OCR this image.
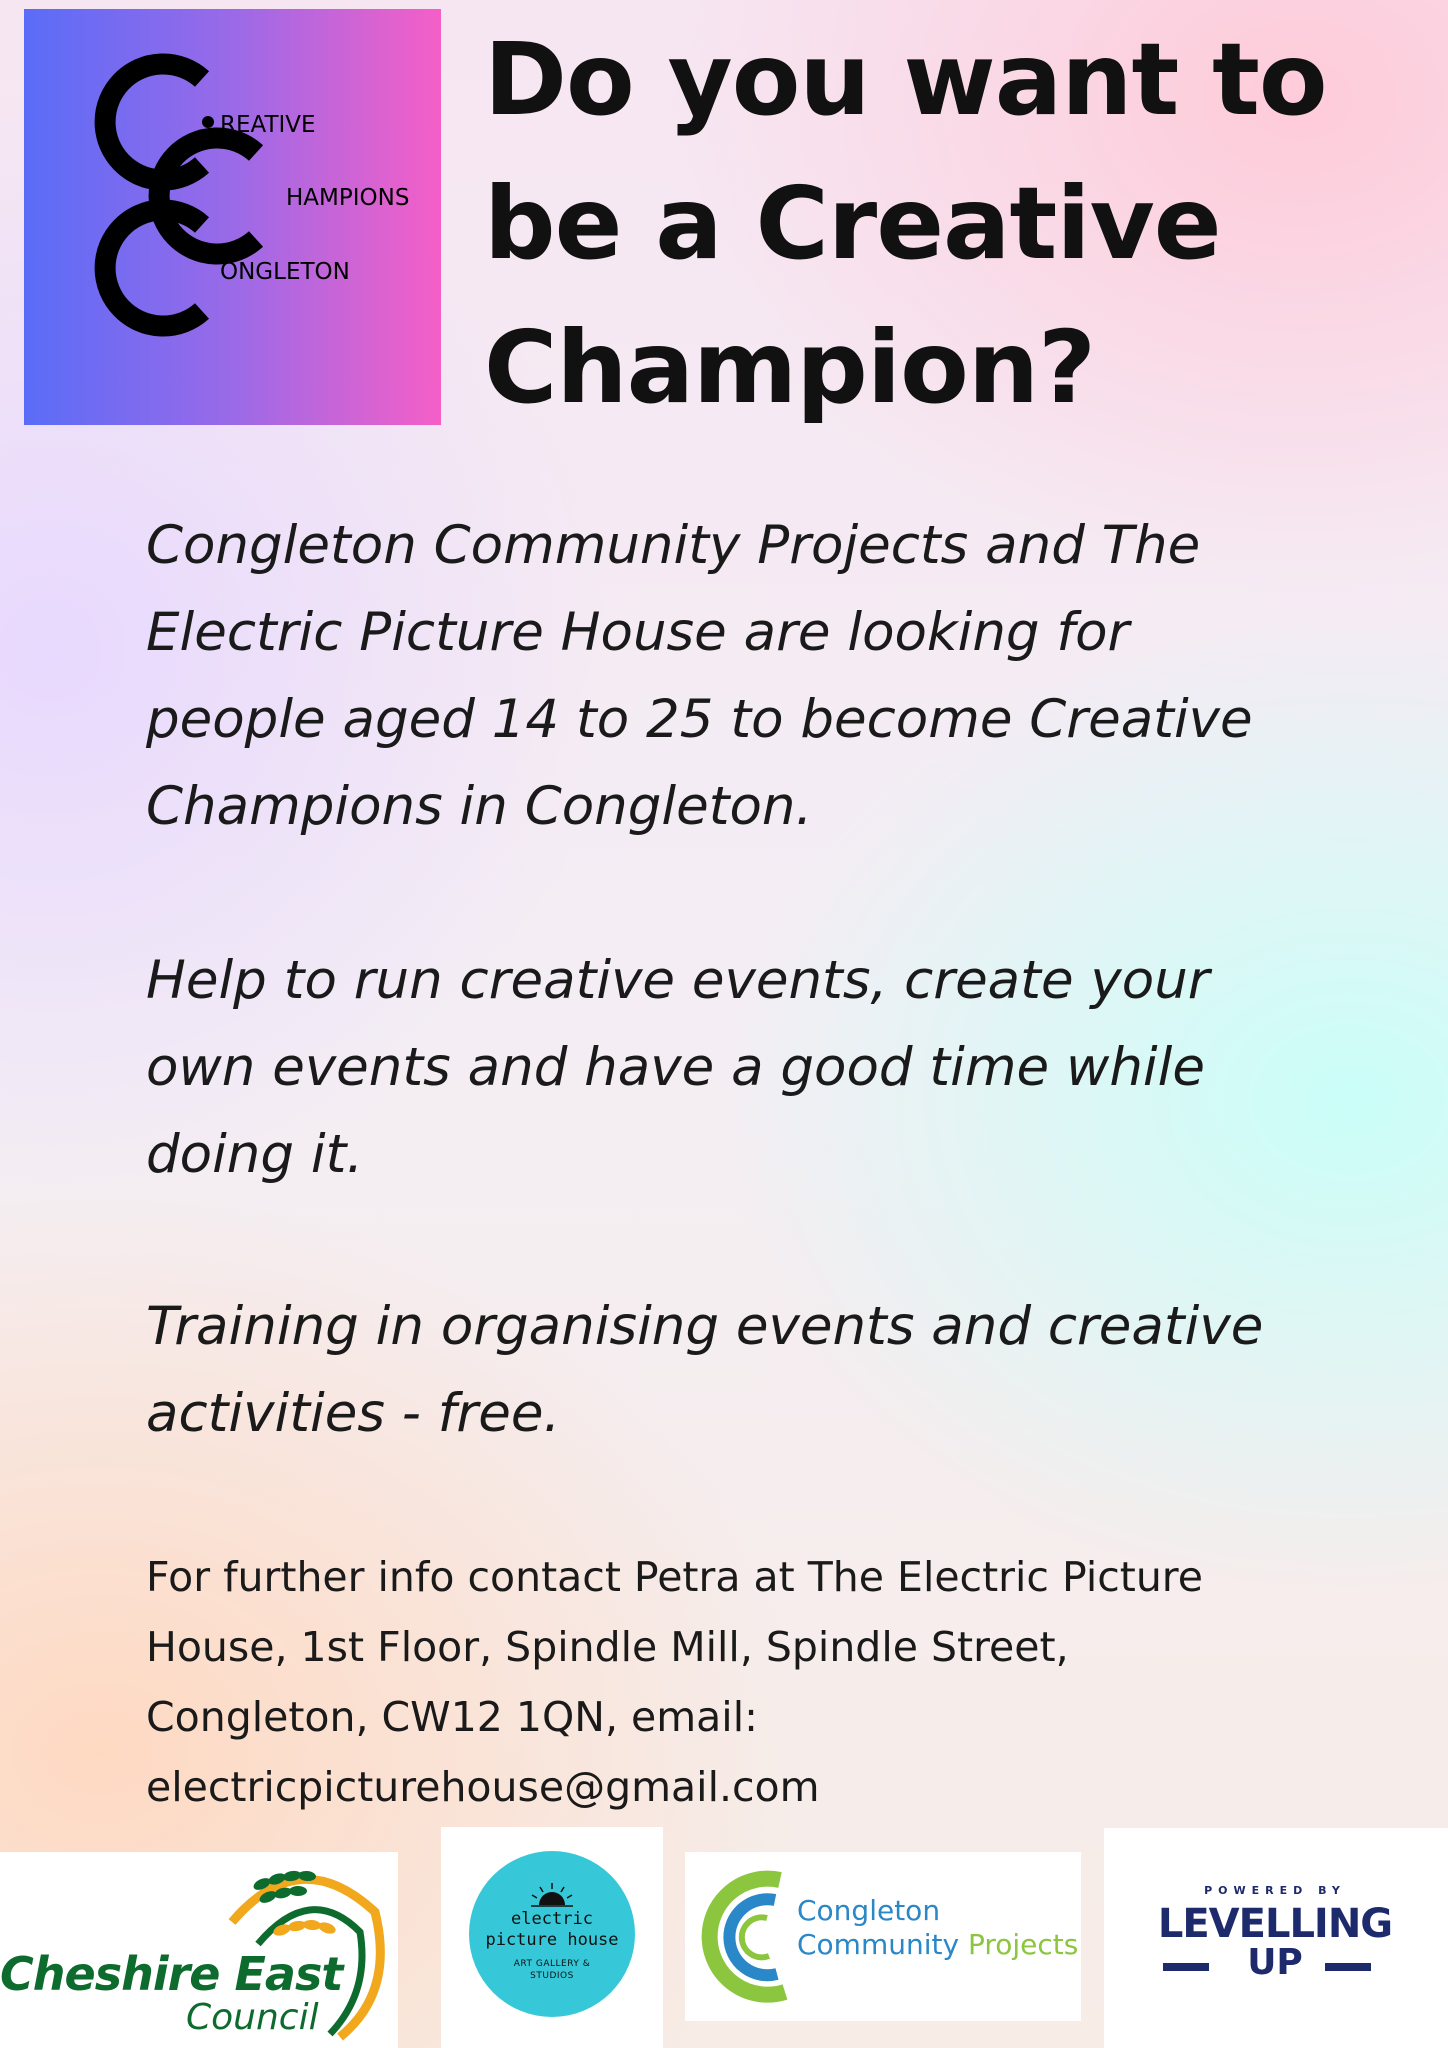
REATIVE
HAMPIONS
ONGLETON
Do you want to
be a Creative
Champion?

Congleton Community Projects and The
Electric Picture House are looking for
people aged 14 to 25 to become Creative
Champions in Congleton.

Help to run creative events, create your
own events and have a good time while
doing it.

Training in organising events and creative
activities - free.

For further info contact Petra at The Electric Picture
House, 1st Floor, Spindle Mill, Spindle Street,
Congleton, CW12 1QN, email:
electricpicturehouse@gmail.com
Cheshire East
Council
electric
picture house
ART GALLERY &
STUDIOS
Congleton
Community Projects
POWERED BY
LEVELLING
UP
